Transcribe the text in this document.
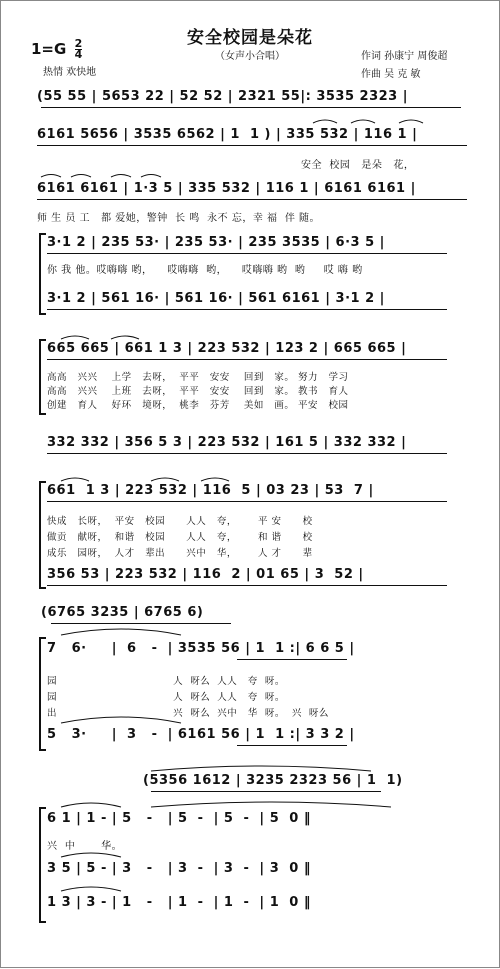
安全校园是朵花
（女声小合唱）
$1=G \frac{2}{4}$
热情 欢快地
作词 孙康宁 周俊超
作曲 吴 克 敏
(55 55 | 5653 22 | 52 52 | 2321 55|: 3535 2323 |
6161 5656 | 3535 6562 | 1  1 ) | 335 532 | 116 1 |
安全  校园   是朵   花，
6161 6161 | 1·3 5 | 335 532 | 116 1 | 6161 6161 |
师 生 员 工   都 爱她，警钟  长 鸣  永不 忘，幸 福  伴 随。
3·1 2 | 235 53· | 235 53· | 235 3535 | 6·3 5 |
你 我 他。哎嗨嗨 哟，    哎嗨嗨  哟，    哎嗨嗨 哟  哟     哎 嗨 哟
3·1 2 | 561 16· | 561 16· | 561 6161 | 3·1 2 |
665 665 | 661 1 3 | 223 532 | 123 2 | 665 665 |
高高   兴兴    上学   去呀，  平平   安安    回到   家。 努力   学习
高高   兴兴    上班   去呀，  平平   安安    回到   家。 教书   育人
创建   育人    好环   境呀，  桃李   芬芳    美如   画。 平安   校园
332 332 | 356 5 3 | 223 532 | 161 5 | 332 332 |
661  1 3 | 223 532 | 116  5 | 03 23 | 53  7 |
快成   长呀，  平安   校园      人人   夸，      平 安      校
做贡   献呀，  和谐   校园      人人   夸，      和 谐      校
成乐   园呀，  人才   辈出      兴中   华，      人 才      辈
356 53 | 223 532 | 116  2 | 01 65 | 3  52 |
(6765 3235 | 6765 6)
7   6·     |  6   -  | 3535 56 | 1  1 :| 6 6 5 |
园                                 人  呀么  人人   夸  呀。
园                                 人  呀么  人人   夸  呀。
出                                 兴  呀么  兴中   华  呀。  兴  呀么
5   3·     |  3   -  | 6161 56 | 1  1 :| 3 3 2 |
(5356 1612 | 3235 2323 56 | 1  1)
6 1 | 1 - | 5   -   | 5  -  | 5  -  | 5  0 ‖
兴  中       华。
3 5 | 5 - | 3   -   | 3  -  | 3  -  | 3  0 ‖
1 3 | 3 - | 1   -   | 1  -  | 1  -  | 1  0 ‖
